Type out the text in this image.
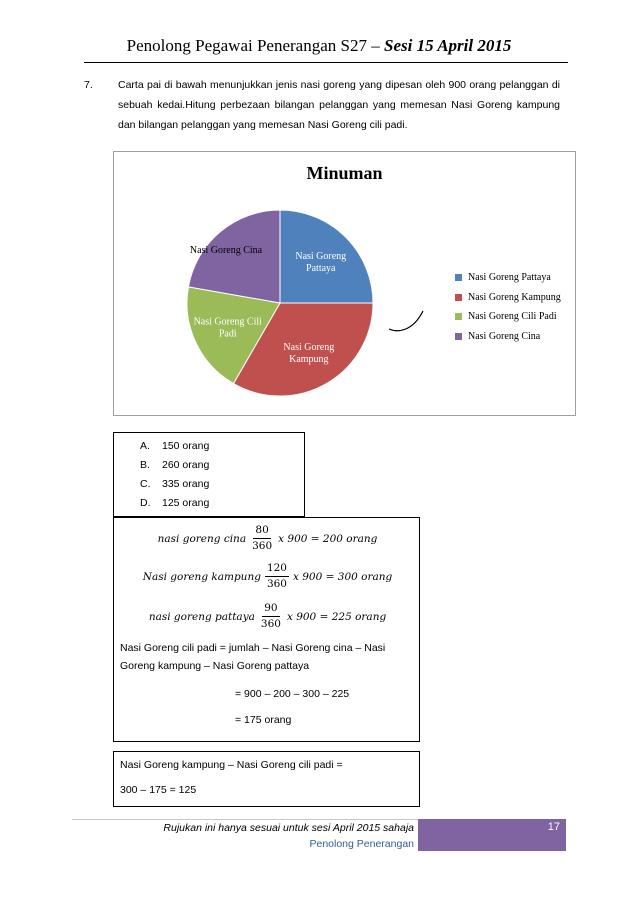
Penolong Pegawai Penerangan S27 – Sesi 15 April 2015
7. Carta pai di bawah menunjukkan jenis nasi goreng yang dipesan oleh 900 orang pelanggan di sebuah kedai.Hitung perbezaan bilangan pelanggan yang memesan Nasi Goreng kampung dan bilangan pelanggan yang memesan Nasi Goreng cili padi.
Minuman
Nasi Goreng Pattaya
Nasi Goreng Kampung
Nasi Goreng Cili Padi
Nasi Goreng Cina
Nasi Goreng Pattaya
Nasi Goreng Kampung
Nasi Goreng Cili Padi
Nasi Goreng Cina
A.	150 orang
B.	260 orang
C.	335 orang
D.	125 orang
nasi goreng cina $\frac{80}{360}$ x 900 = 200 orang
Nasi goreng kampung $\frac{120}{360}$ x 900 = 300 orang
nasi goreng pattaya $\frac{90}{360}$ x 900 = 225 orang
Nasi Goreng cili padi = jumlah – Nasi Goreng cina – Nasi
Goreng kampung – Nasi Goreng pattaya
= 900 – 200 – 300 – 225
= 175 orang
Nasi Goreng kampung – Nasi Goreng cili padi =
300 – 175 = 125
Rujukan ini hanya sesuai untuk sesi April 2015 sahaja
Penolong Penerangan
17
